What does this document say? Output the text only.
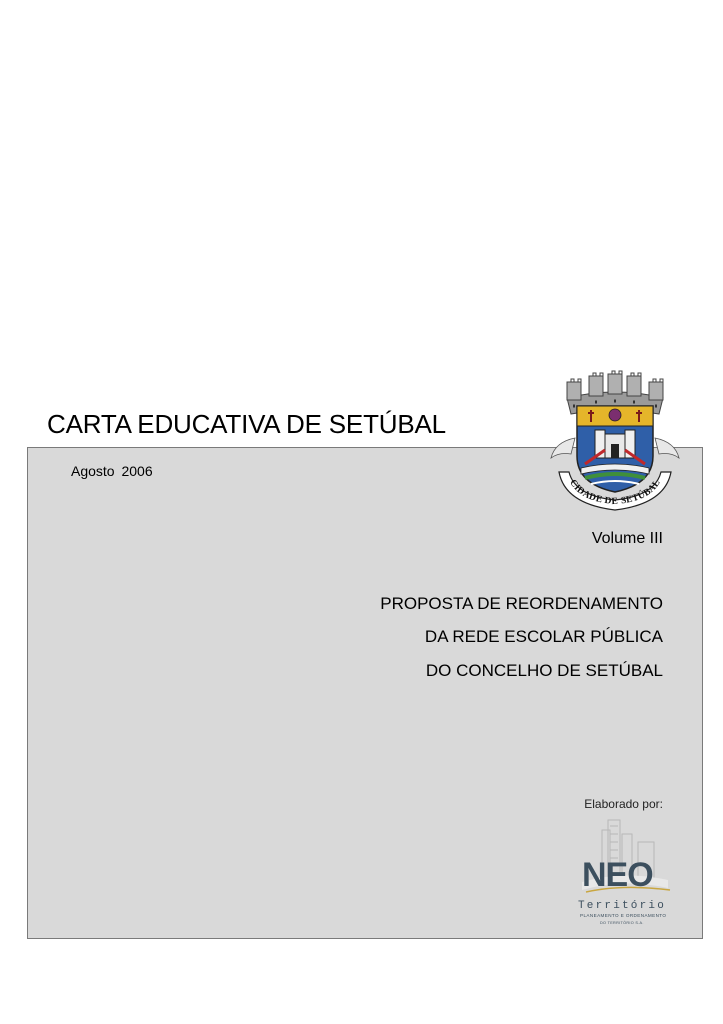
CARTA EDUCATIVA DE SETÚBAL
Agosto 2006
Volume III
PROPOSTA DE REORDENAMENTO
DA REDE ESCOLAR PÚBLICA
DO CONCELHO DE SETÚBAL
Elaborado por:
CIDADE DE SETÚBAL
NEO
Território
PLANEAMENTO E ORDENAMENTO
DO TERRITÓRIO S.A.
